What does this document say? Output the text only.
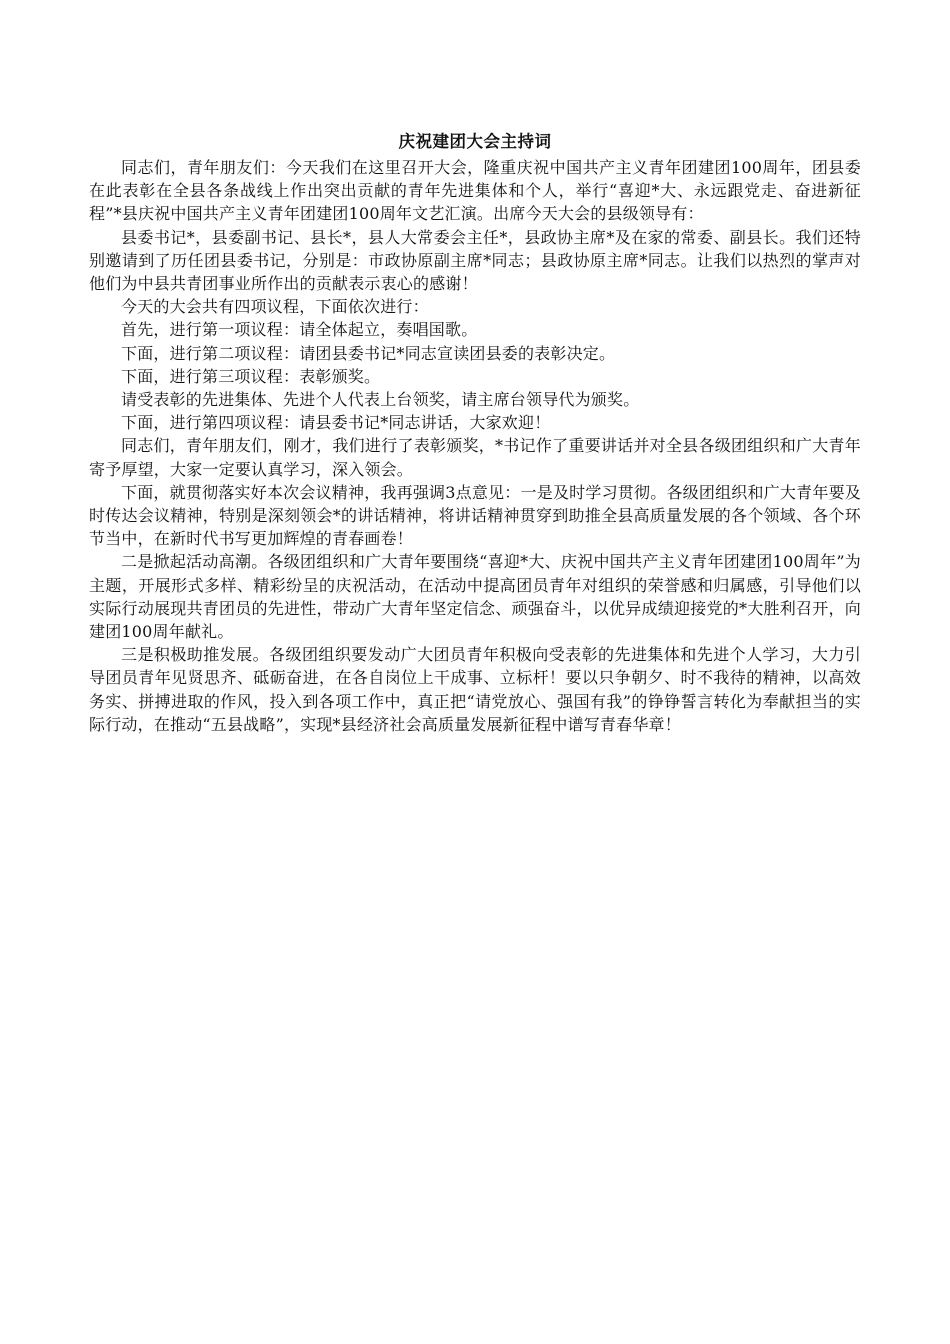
庆祝建团大会主持词

同志们，青年朋友们：今天我们在这里召开大会，隆重庆祝中国共产主义青年团建团100周年，团县委在此表彰在全县各条战线上作出突出贡献的青年先进集体和个人，举行“喜迎*大、永远跟党走、奋进新征程”*县庆祝中国共产主义青年团建团100周年文艺汇演。出席今天大会的县级领导有：

县委书记*，县委副书记、县长*，县人大常委会主任*，县政协主席*及在家的常委、副县长。我们还特别邀请到了历任团县委书记，分别是：市政协原副主席*同志；县政协原主席*同志。让我们以热烈的掌声对他们为中县共青团事业所作出的贡献表示衷心的感谢！

今天的大会共有四项议程，下面依次进行：

首先，进行第一项议程：请全体起立，奏唱国歌。

下面，进行第二项议程：请团县委书记*同志宣读团县委的表彰决定。

下面，进行第三项议程：表彰颁奖。

请受表彰的先进集体、先进个人代表上台领奖，请主席台领导代为颁奖。

下面，进行第四项议程：请县委书记*同志讲话，大家欢迎！

同志们，青年朋友们，刚才，我们进行了表彰颁奖，*书记作了重要讲话并对全县各级团组织和广大青年寄予厚望，大家一定要认真学习，深入领会。

下面，就贯彻落实好本次会议精神，我再强调3点意见：一是及时学习贯彻。各级团组织和广大青年要及时传达会议精神，特别是深刻领会*的讲话精神，将讲话精神贯穿到助推全县高质量发展的各个领域、各个环节当中，在新时代书写更加辉煌的青春画卷！

二是掀起活动高潮。各级团组织和广大青年要围绕“喜迎*大、庆祝中国共产主义青年团建团100周年”为主题，开展形式多样、精彩纷呈的庆祝活动，在活动中提高团员青年对组织的荣誉感和归属感，引导他们以实际行动展现共青团员的先进性，带动广大青年坚定信念、顽强奋斗，以优异成绩迎接党的*大胜利召开，向建团100周年献礼。

三是积极助推发展。各级团组织要发动广大团员青年积极向受表彰的先进集体和先进个人学习，大力引导团员青年见贤思齐、砥砺奋进，在各自岗位上干成事、立标杆！要以只争朝夕、时不我待的精神，以高效务实、拼搏进取的作风，投入到各项工作中，真正把“请党放心、强国有我”的铮铮誓言转化为奉献担当的实际行动，在推动“五县战略”，实现*县经济社会高质量发展新征程中谱写青春华章！
